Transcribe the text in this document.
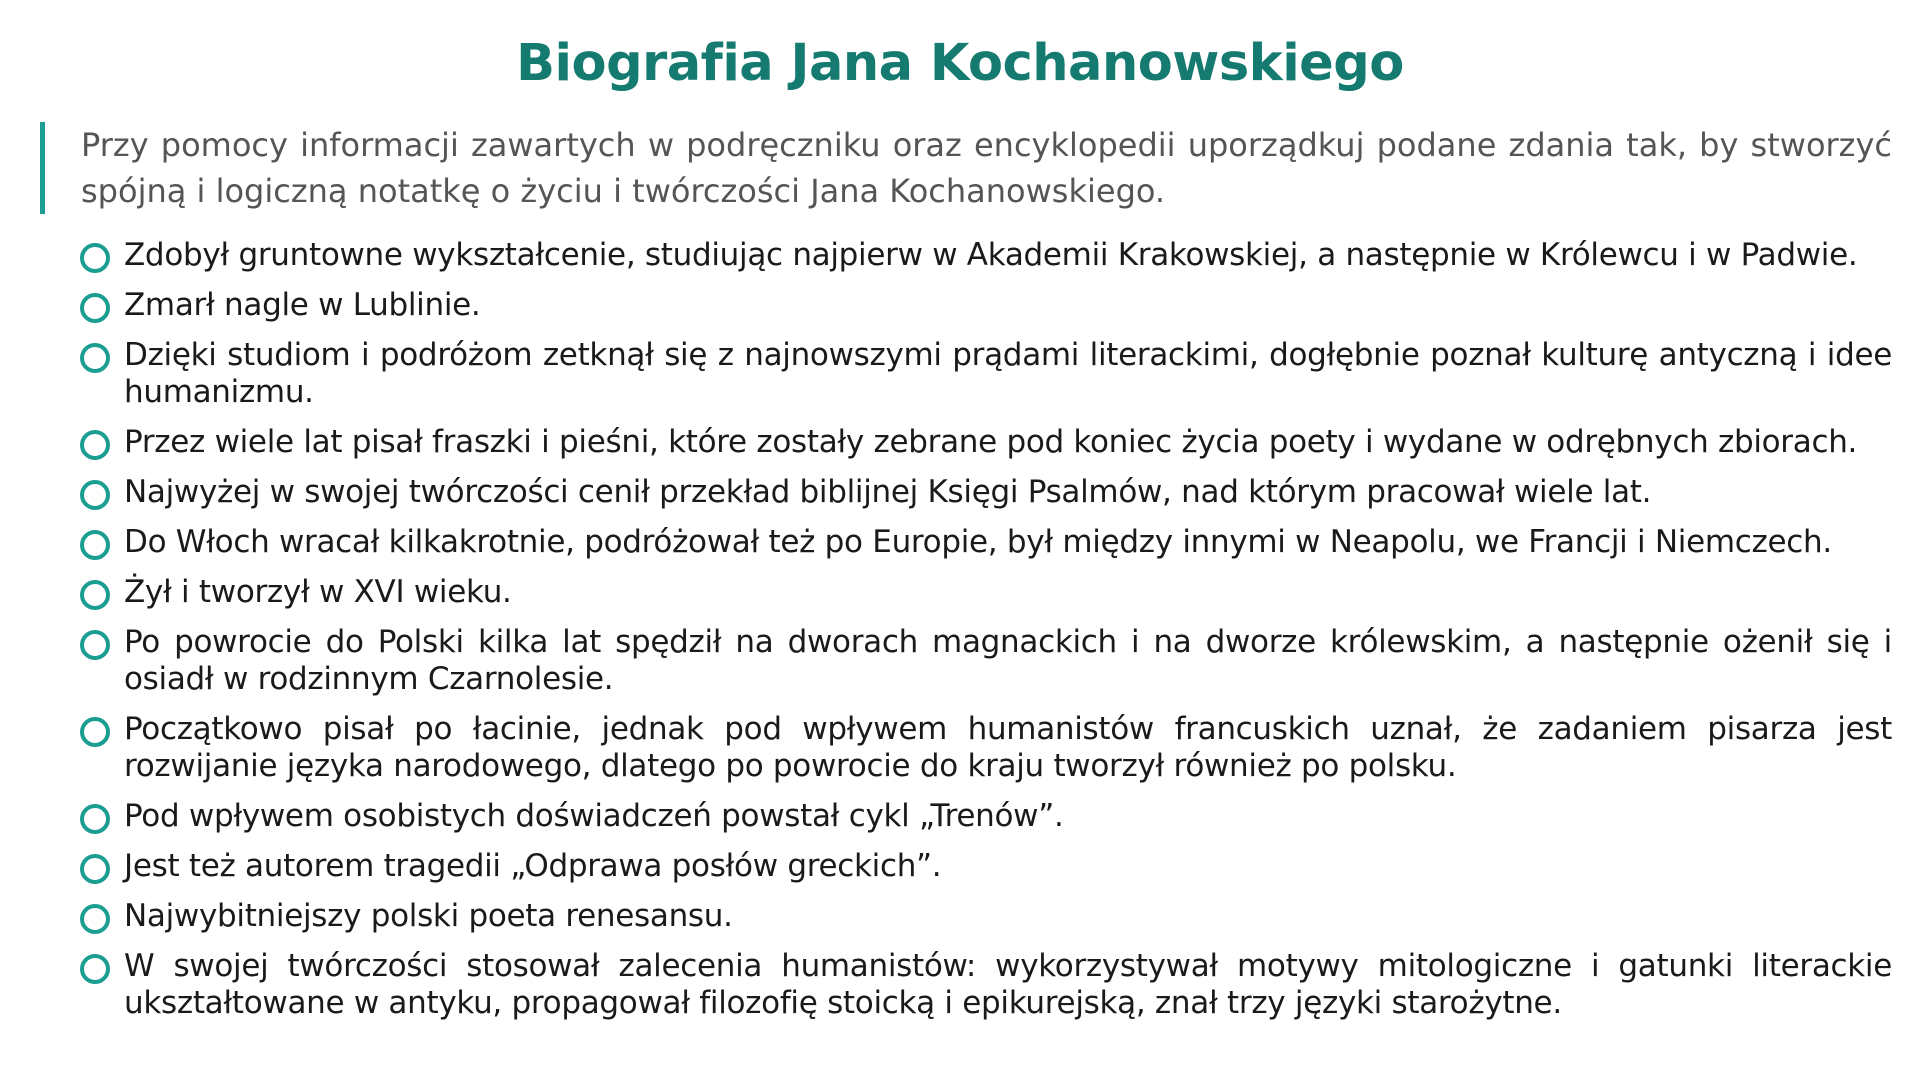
Biografia Jana Kochanowskiego
Przy pomocy informacji zawartych w podręczniku oraz encyklopedii uporządkuj podane zdania tak, by stworzyć spójną i logiczną notatkę o życiu i twórczości Jana Kochanowskiego.
Zdobył gruntowne wykształcenie, studiując najpierw w Akademii Krakowskiej, a następnie w Królewcu i w Padwie.
Zmarł nagle w Lublinie.
Dzięki studiom i podróżom zetknął się z najnowszymi prądami literackimi, dogłębnie poznał kulturę antyczną i idee humanizmu.
Przez wiele lat pisał fraszki i pieśni, które zostały zebrane pod koniec życia poety i wydane w odrębnych zbiorach.
Najwyżej w swojej twórczości cenił przekład biblijnej Księgi Psalmów, nad którym pracował wiele lat.
Do Włoch wracał kilkakrotnie, podróżował też po Europie, był między innymi w Neapolu, we Francji i Niemczech.
Żył i tworzył w XVI wieku.
Po powrocie do Polski kilka lat spędził na dworach magnackich i na dworze królewskim, a następnie ożenił się i osiadł w rodzinnym Czarnolesie.
Początkowo pisał po łacinie, jednak pod wpływem humanistów francuskich uznał, że zadaniem pisarza jest rozwijanie języka narodowego, dlatego po powrocie do kraju tworzył również po polsku.
Pod wpływem osobistych doświadczeń powstał cykl „Trenów”.
Jest też autorem tragedii „Odprawa posłów greckich”.
Najwybitniejszy polski poeta renesansu.
W swojej twórczości stosował zalecenia humanistów: wykorzystywał motywy mitologiczne i gatunki literackie ukształtowane w antyku, propagował filozofię stoicką i epikurejską, znał trzy języki starożytne.
